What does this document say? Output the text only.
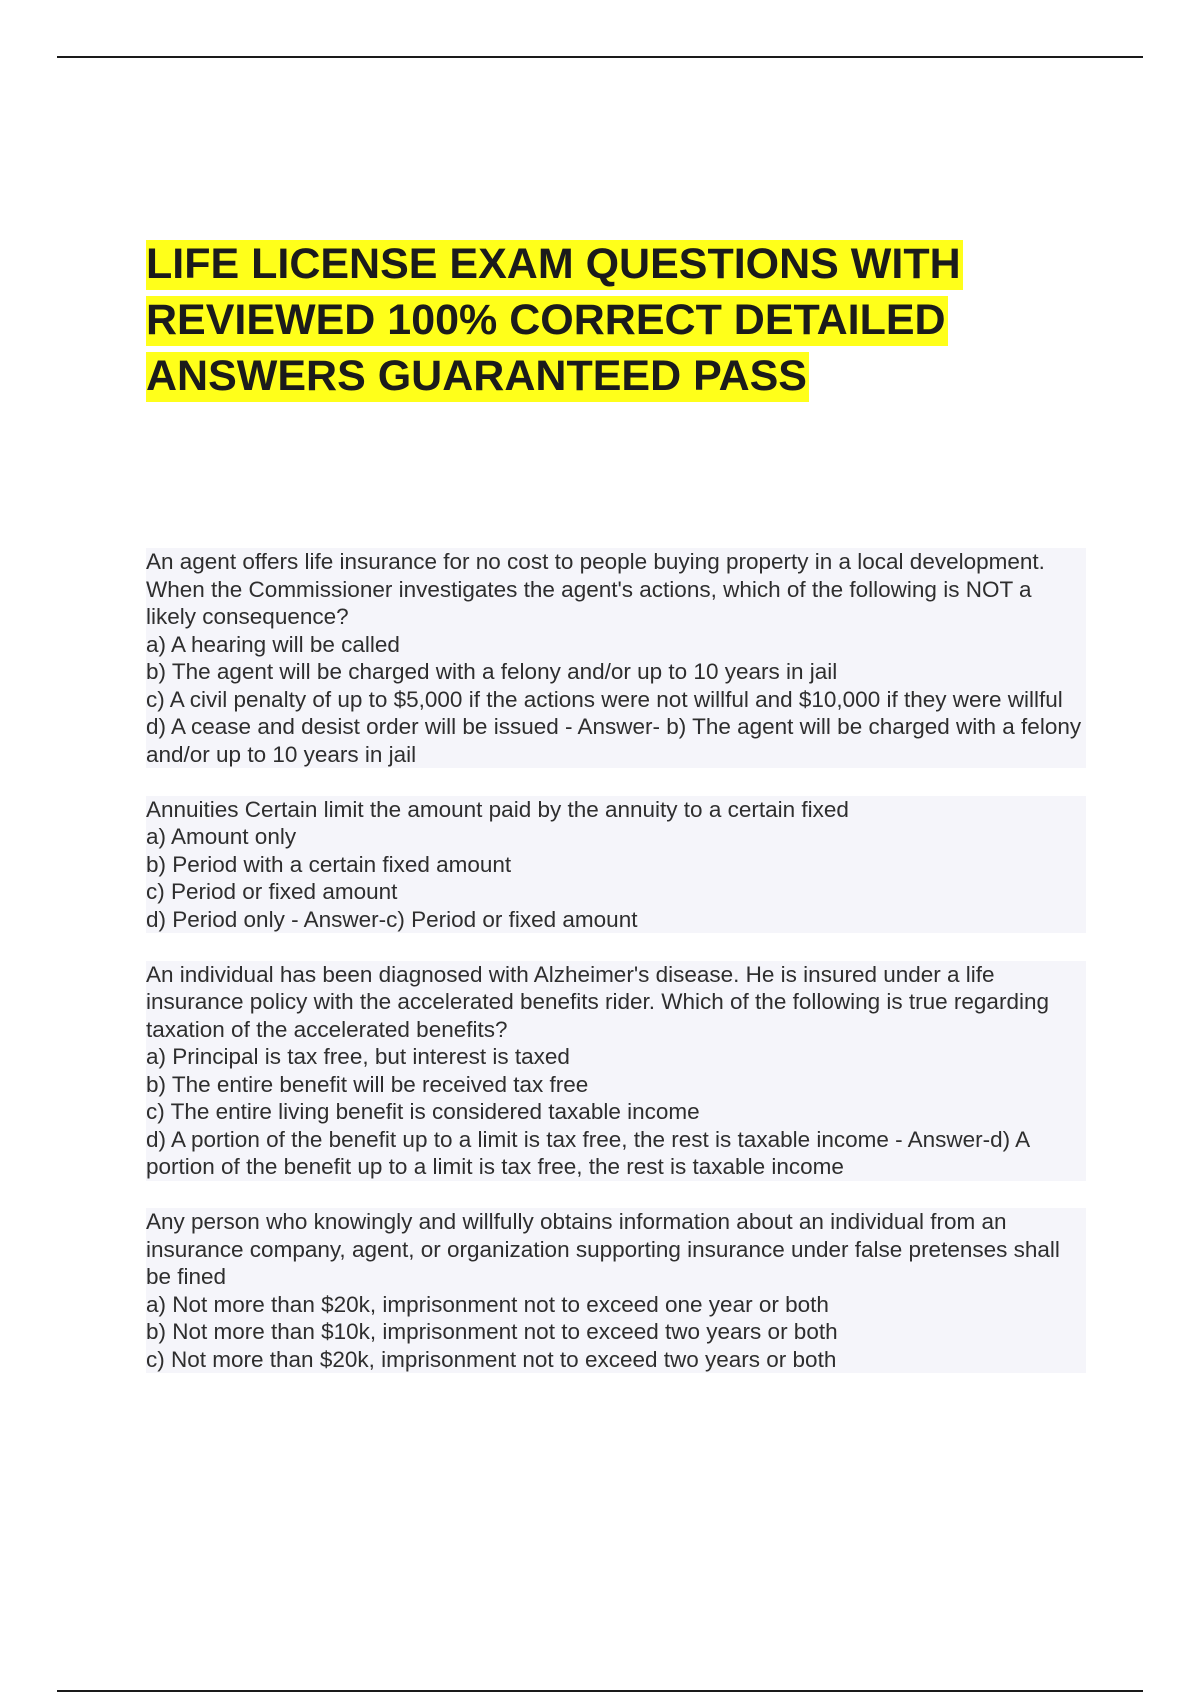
LIFE LICENSE EXAM QUESTIONS WITH REVIEWED 100% CORRECT DETAILED ANSWERS GUARANTEED PASS

An agent offers life insurance for no cost to people buying property in a local development. When the Commissioner investigates the agent's actions, which of the following is NOT a likely consequence?

a) A hearing will be called

b) The agent will be charged with a felony and/or up to 10 years in jail

c) A civil penalty of up to $5,000 if the actions were not willful and $10,000 if they were willful

d) A cease and desist order will be issued - Answer- b) The agent will be charged with a felony and/or up to 10 years in jail

Annuities Certain limit the amount paid by the annuity to a certain fixed

a) Amount only

b) Period with a certain fixed amount

c) Period or fixed amount

d) Period only - Answer-c) Period or fixed amount

An individual has been diagnosed with Alzheimer's disease. He is insured under a life insurance policy with the accelerated benefits rider. Which of the following is true regarding taxation of the accelerated benefits?

a) Principal is tax free, but interest is taxed

b) The entire benefit will be received tax free

c) The entire living benefit is considered taxable income

d) A portion of the benefit up to a limit is tax free, the rest is taxable income - Answer-d) A portion of the benefit up to a limit is tax free, the rest is taxable income

Any person who knowingly and willfully obtains information about an individual from an insurance company, agent, or organization supporting insurance under false pretenses shall be fined

a) Not more than $20k, imprisonment not to exceed one year or both

b) Not more than $10k, imprisonment not to exceed two years or both

c) Not more than $20k, imprisonment not to exceed two years or both
